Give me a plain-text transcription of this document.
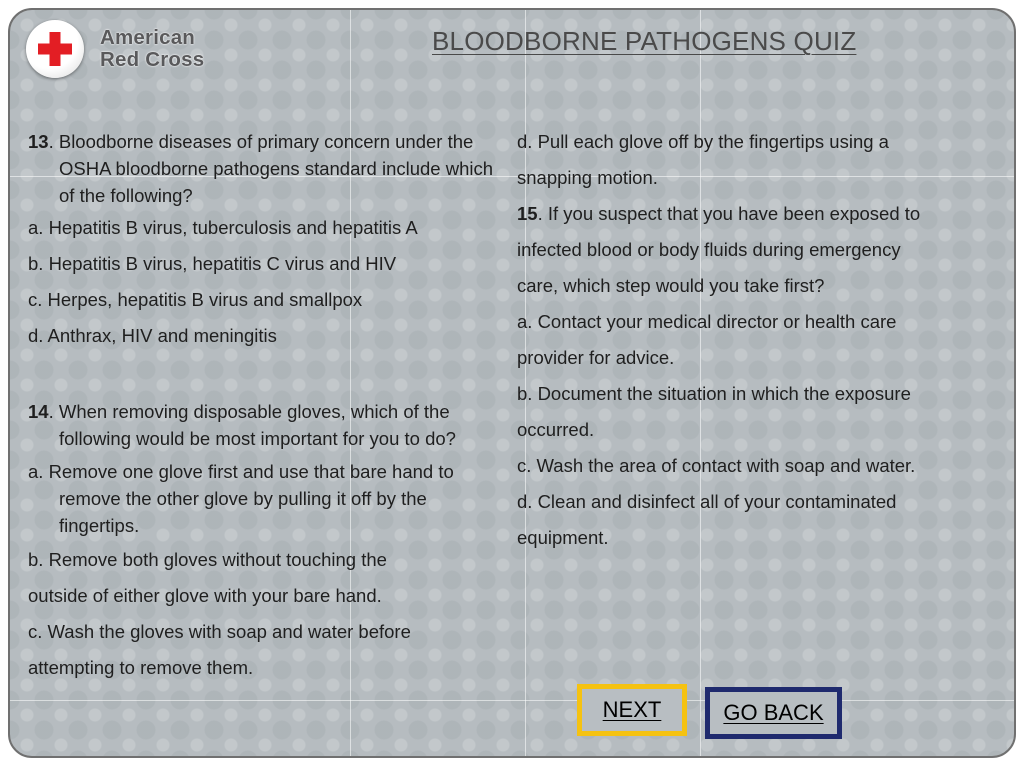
American
Red Cross
BLOODBORNE PATHOGENS QUIZ

13. Bloodborne diseases of primary concern under the OSHA bloodborne pathogens standard include which of the following?

a. Hepatitis B virus, tuberculosis and hepatitis A
b. Hepatitis B virus, hepatitis C virus and HIV
c. Herpes, hepatitis B virus and smallpox
d. Anthrax, HIV and meningitis

14. When removing disposable gloves, which of the following would be most important for you to do?

a. Remove one glove first and use that bare hand to remove the other glove by pulling it off by the fingertips.

b. Remove both gloves without touching the
outside of either glove with your bare hand.
c. Wash the gloves with soap and water before
attempting to remove them.
d. Pull each glove off by the fingertips using a
snapping motion.
15. If you suspect that you have been exposed to
infected blood or body fluids during emergency
care, which step would you take first?
a. Contact your medical director or health care
provider for advice.
b. Document the situation in which the exposure
occurred.
c. Wash the area of contact with soap and water.
d. Clean and disinfect all of your contaminated
equipment.
NEXT	GO BACK
